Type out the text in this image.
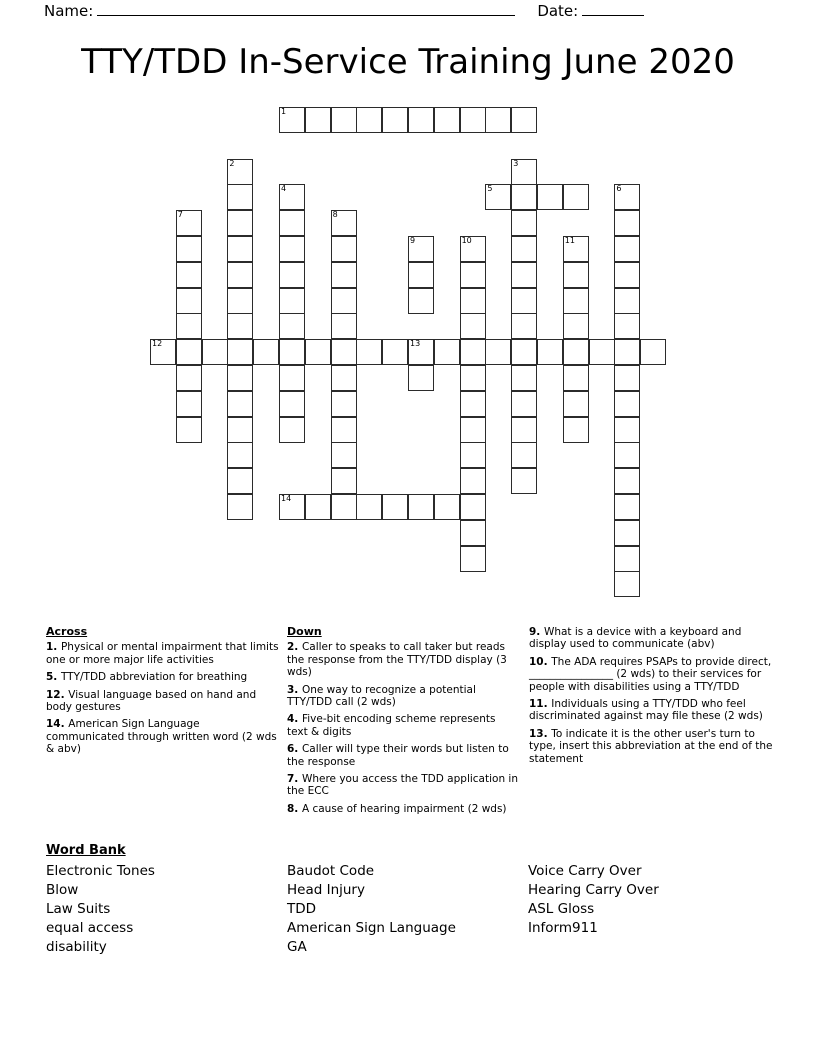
Name:	Date:
TTY/TDD In-Service Training June 2020
1
2	3
4	5	6
7	8
9	10	11
12	13
14
Across
1. Physical or mental impairment that limits one or more major life activities
5. TTY/TDD abbreviation for breathing
12. Visual language based on hand and body gestures
14. American Sign Language communicated through written word (2 wds & abv)
Down
2. Caller to speaks to call taker but reads the response from the TTY/TDD display (3 wds)
3. One way to recognize a potential TTY/TDD call (2 wds)
4. Five-bit encoding scheme represents text & digits
6. Caller will type their words but listen to the response
7. Where you access the TDD application in the ECC
8. A cause of hearing impairment (2 wds)
9. What is a device with a keyboard and display used to communicate (abv)
10. The ADA requires PSAPs to provide direct, ________________ (2 wds) to their services for people with disabilities using a TTY/TDD
11. Individuals using a TTY/TDD who feel discriminated against may file these (2 wds)
13. To indicate it is the other user's turn to type, insert this abbreviation at the end of the statement
Word Bank
Electronic Tones
Blow
Law Suits
equal access
disability
Baudot Code
Head Injury
TDD
American Sign Language
GA
Voice Carry Over
Hearing Carry Over
ASL Gloss
Inform911
